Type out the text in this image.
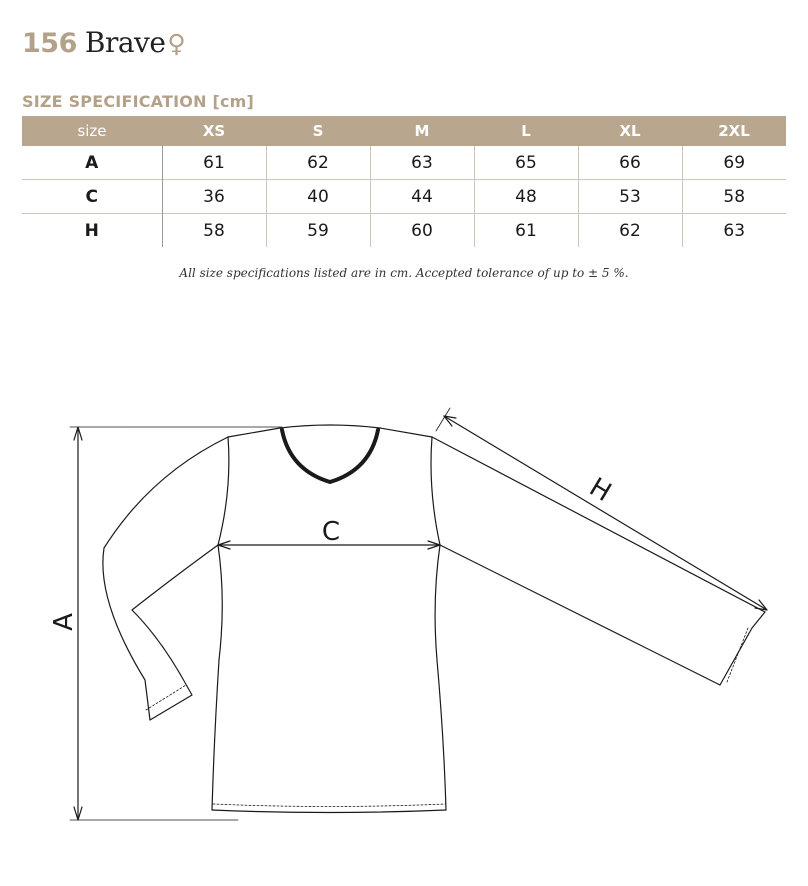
156 Brave ♀
SIZE SPECIFICATION [cm]
size	XS	S	M	L	XL	2XL
A	61	62	63	65	66	69
C	36	40	44	48	53	58
H	58	59	60	61	62	63
All size specifications listed are in cm. Accepted tolerance of up to ± 5 %.
A
C
H
